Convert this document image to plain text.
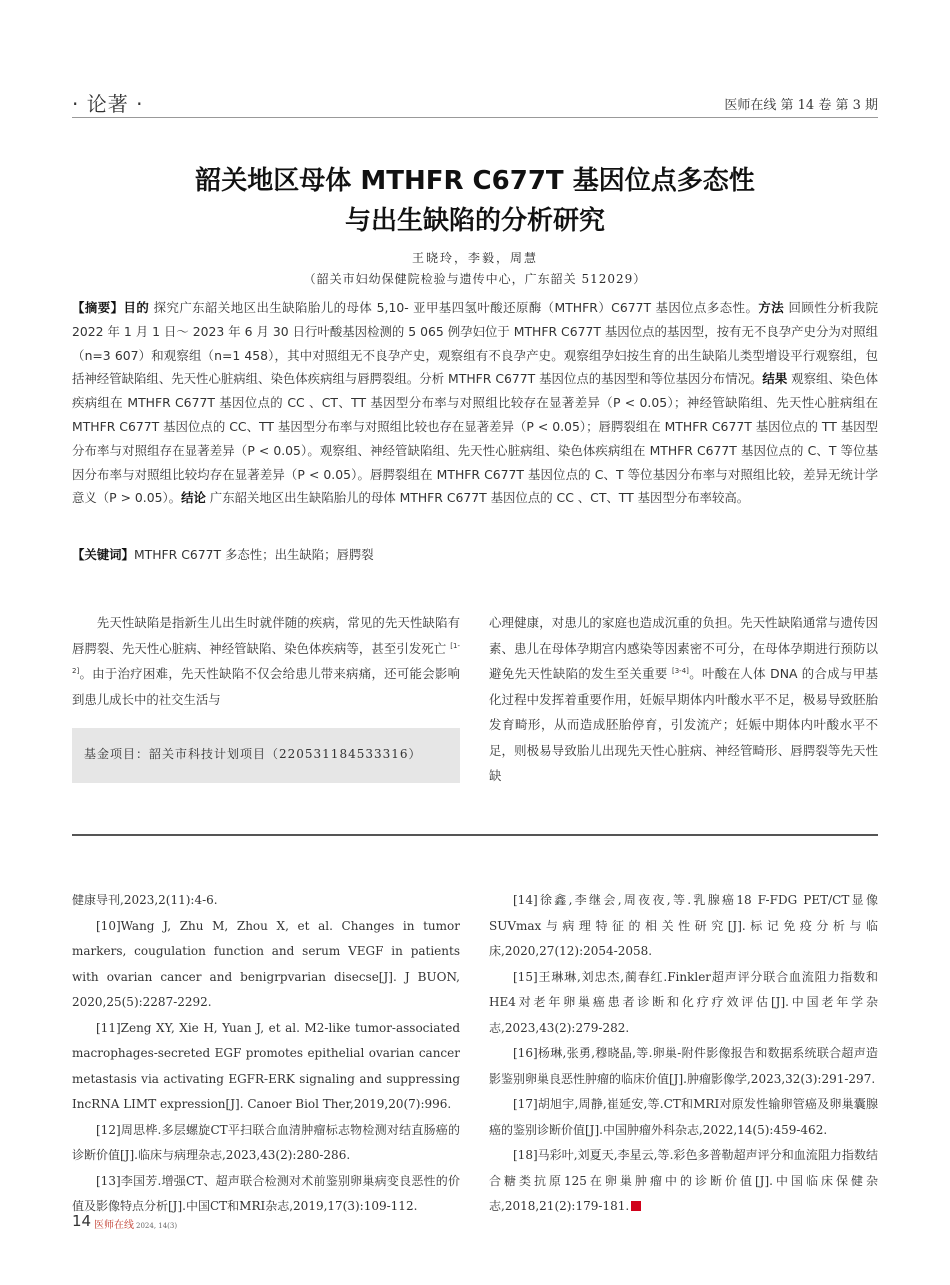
· 论著 ·	医师在线 第 14 卷 第 3 期
韶关地区母体 MTHFR C677T 基因位点多态性
与出生缺陷的分析研究
王晓玲，李毅，周慧
（韶关市妇幼保健院检验与遗传中心，广东韶关 512029）
【摘要】目的 探究广东韶关地区出生缺陷胎儿的母体 5,10- 亚甲基四氢叶酸还原酶（MTHFR）C677T 基因位点多态性。方法 回顾性分析我院 2022 年 1 月 1 日～ 2023 年 6 月 30 日行叶酸基因检测的 5 065 例孕妇位于 MTHFR C677T 基因位点的基因型，按有无不良孕产史分为对照组（n=3 607）和观察组（n=1 458），其中对照组无不良孕产史，观察组有不良孕产史。观察组孕妇按生育的出生缺陷儿类型增设平行观察组，包括神经管缺陷组、先天性心脏病组、染色体疾病组与唇腭裂组。分析 MTHFR C677T 基因位点的基因型和等位基因分布情况。结果 观察组、染色体疾病组在 MTHFR C677T 基因位点的 CC 、CT、TT 基因型分布率与对照组比较存在显著差异（P < 0.05）；神经管缺陷组、先天性心脏病组在 MTHFR C677T 基因位点的 CC、TT 基因型分布率与对照组比较也存在显著差异（P < 0.05）；唇腭裂组在 MTHFR C677T 基因位点的 TT 基因型分布率与对照组存在显著差异（P < 0.05）。观察组、神经管缺陷组、先天性心脏病组、染色体疾病组在 MTHFR C677T 基因位点的 C、T 等位基因分布率与对照组比较均存在显著差异（P < 0.05）。唇腭裂组在 MTHFR C677T 基因位点的 C、T 等位基因分布率与对照组比较，差异无统计学意义（P > 0.05）。结论 广东韶关地区出生缺陷胎儿的母体 MTHFR C677T 基因位点的 CC 、CT、TT 基因型分布率较高。
【关键词】MTHFR C677T 多态性；出生缺陷；唇腭裂
先天性缺陷是指新生儿出生时就伴随的疾病，常见的先天性缺陷有唇腭裂、先天性心脏病、神经管缺陷、染色体疾病等，甚至引发死亡 [1-2]。由于治疗困难，先天性缺陷不仅会给患儿带来病痛，还可能会影响到患儿成长中的社交生活与
心理健康，对患儿的家庭也造成沉重的负担。先天性缺陷通常与遗传因素、患儿在母体孕期宫内感染等因素密不可分，在母体孕期进行预防以避免先天性缺陷的发生至关重要 [3-4]。叶酸在人体 DNA 的合成与甲基化过程中发挥着重要作用，妊娠早期体内叶酸水平不足，极易导致胚胎发育畸形，从而造成胚胎停育，引发流产；妊娠中期体内叶酸水平不足，则极易导致胎儿出现先天性心脏病、神经管畸形、唇腭裂等先天性缺
基金项目：韶关市科技计划项目（220531184533316）

健康导刊,2023,2(11):4-6.

[10]Wang J, Zhu M, Zhou X, et al. Changes in tumor markers, cougulation function and serum VEGF in patients with ovarian cancer and benigrpvarian disecse[J]. J BUON, 2020,25(5):2287-2292.

[11]Zeng XY, Xie H, Yuan J, et al. M2-like tumor-associated macrophages-secreted EGF promotes epithelial ovarian cancer metastasis via activating EGFR-ERK signaling and suppressing IncRNA LIMT expression[J]. Canoer Biol Ther,2019,20(7):996.

[12]周思桦.多层螺旋CT平扫联合血清肿瘤标志物检测对结直肠癌的诊断价值[J].临床与病理杂志,2023,43(2):280-286.

[13]李国芳.增强CT、超声联合检测对术前鉴别卵巢病变良恶性的价值及影像特点分析[J].中国CT和MRI杂志,2019,17(3):109-112.

[14]徐鑫,李继会,周夜夜,等.乳腺癌18 F-FDG PET/CT显像SUVmax与病理特征的相关性研究[J].标记免疫分析与临床,2020,27(12):2054-2058.

[15]王琳琳,刘忠杰,蔺春红.Finkler超声评分联合血流阻力指数和HE4对老年卵巢癌患者诊断和化疗疗效评估[J].中国老年学杂志,2023,43(2):279-282.

[16]杨琳,张勇,穆晓晶,等.卵巢-附件影像报告和数据系统联合超声造影鉴别卵巢良恶性肿瘤的临床价值[J].肿瘤影像学,2023,32(3):291-297.

[17]胡旭宇,周静,崔延安,等.CT和MRI对原发性输卵管癌及卵巢囊腺癌的鉴别诊断价值[J].中国肿瘤外科杂志,2022,14(5):459-462.

[18]马彩叶,刘夏天,李星云,等.彩色多普勒超声评分和血流阻力指数结合糖类抗原125在卵巢肿瘤中的诊断价值[J].中国临床保健杂志,2018,21(2):179-181.

14 医师在线 2024, 14(3)
